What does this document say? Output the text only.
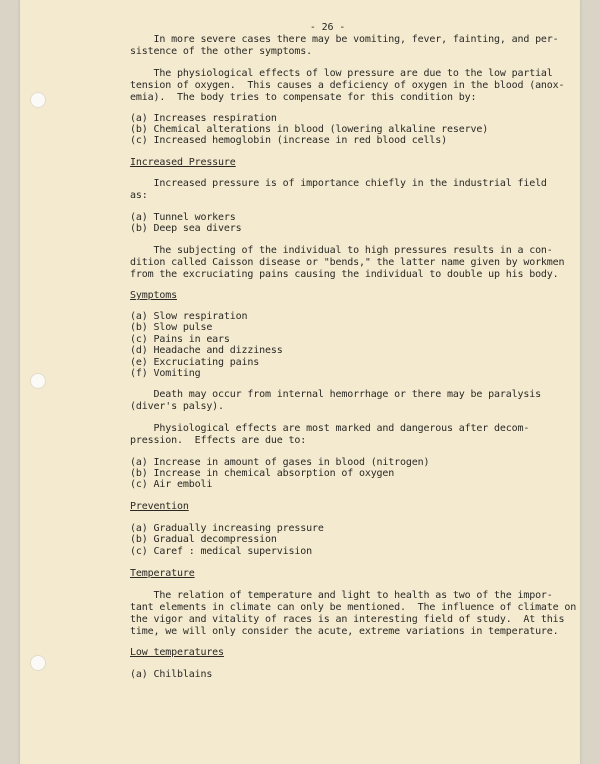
- 26 -
In more severe cases there may be vomiting, fever, fainting, and per-
sistence of the other symptoms.
The physiological effects of low pressure are due to the low partial
tension of oxygen.  This causes a deficiency of oxygen in the blood (anox-
emia).  The body tries to compensate for this condition by:
(a) Increases respiration
(b) Chemical alterations in blood (lowering alkaline reserve)
(c) Increased hemoglobin (increase in red blood cells)
Increased Pressure
Increased pressure is of importance chiefly in the industrial field
as:
(a) Tunnel workers
(b) Deep sea divers
The subjecting of the individual to high pressures results in a con-
dition called Caisson disease or "bends," the latter name given by workmen
from the excruciating pains causing the individual to double up his body.
Symptoms
(a) Slow respiration
(b) Slow pulse
(c) Pains in ears
(d) Headache and dizziness
(e) Excruciating pains
(f) Vomiting
Death may occur from internal hemorrhage or there may be paralysis
(diver's palsy).
Physiological effects are most marked and dangerous after decom-
pression.  Effects are due to:
(a) Increase in amount of gases in blood (nitrogen)
(b) Increase in chemical absorption of oxygen
(c) Air emboli
Prevention
(a) Gradually increasing pressure
(b) Gradual decompression
(c) Caref : medical supervision
Temperature
The relation of temperature and light to health as two of the impor-
tant elements in climate can only be mentioned.  The influence of climate on
the vigor and vitality of races is an interesting field of study.  At this
time, we will only consider the acute, extreme variations in temperature.
Low temperatures
(a) Chilblains
